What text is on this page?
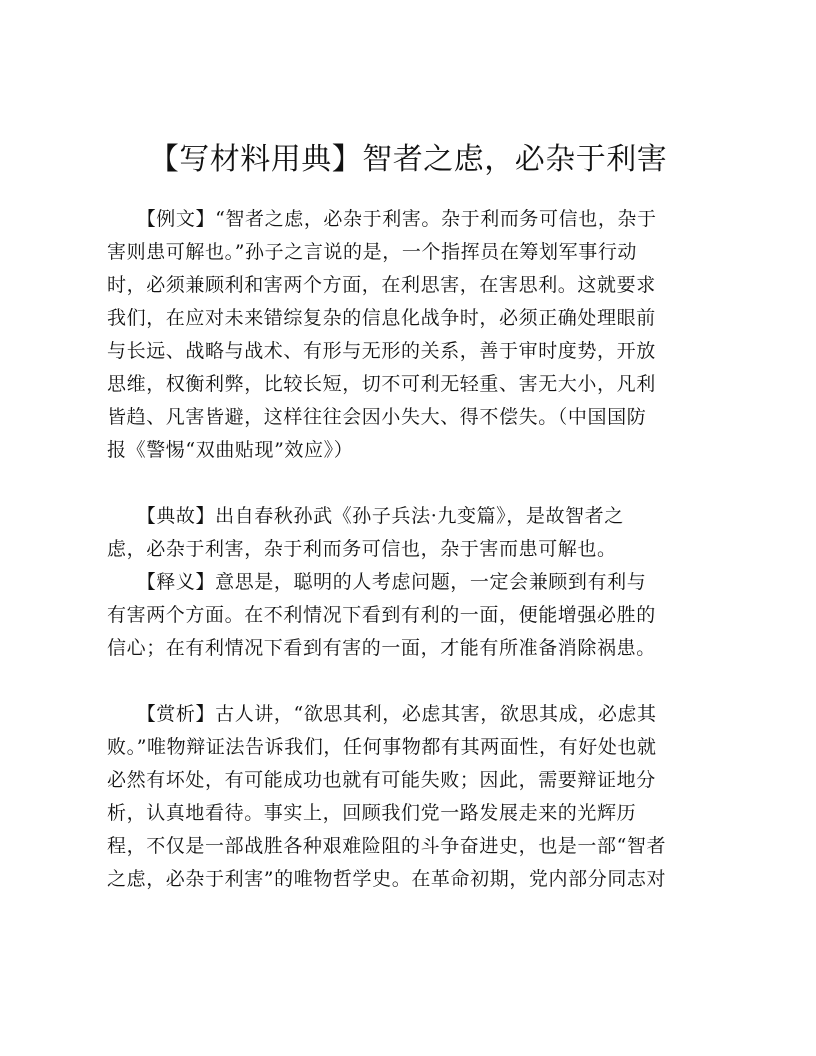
【写材料用典】智者之虑，必杂于利害
　　【例文】“智者之虑，必杂于利害。杂于利而务可信也，杂于
害则患可解也。”孙子之言说的是，一个指挥员在筹划军事行动
时，必须兼顾利和害两个方面，在利思害，在害思利。这就要求
我们，在应对未来错综复杂的信息化战争时，必须正确处理眼前
与长远、战略与战术、有形与无形的关系，善于审时度势，开放
思维，权衡利弊，比较长短，切不可利无轻重、害无大小，凡利
皆趋、凡害皆避，这样往往会因小失大、得不偿失。（中国国防
报《警惕“双曲贴现”效应》）
　　【典故】出自春秋孙武《孙子兵法·九变篇》，是故智者之
虑，必杂于利害，杂于利而务可信也，杂于害而患可解也。
　　【释义】意思是，聪明的人考虑问题，一定会兼顾到有利与
有害两个方面。在不利情况下看到有利的一面，便能增强必胜的
信心；在有利情况下看到有害的一面，才能有所准备消除祸患。
　　【赏析】古人讲，“欲思其利，必虑其害，欲思其成，必虑其
败。”唯物辩证法告诉我们，任何事物都有其两面性，有好处也就
必然有坏处，有可能成功也就有可能失败；因此，需要辩证地分
析，认真地看待。事实上，回顾我们党一路发展走来的光辉历
程，不仅是一部战胜各种艰难险阻的斗争奋进史，也是一部“智者
之虑，必杂于利害”的唯物哲学史。在革命初期，党内部分同志对
